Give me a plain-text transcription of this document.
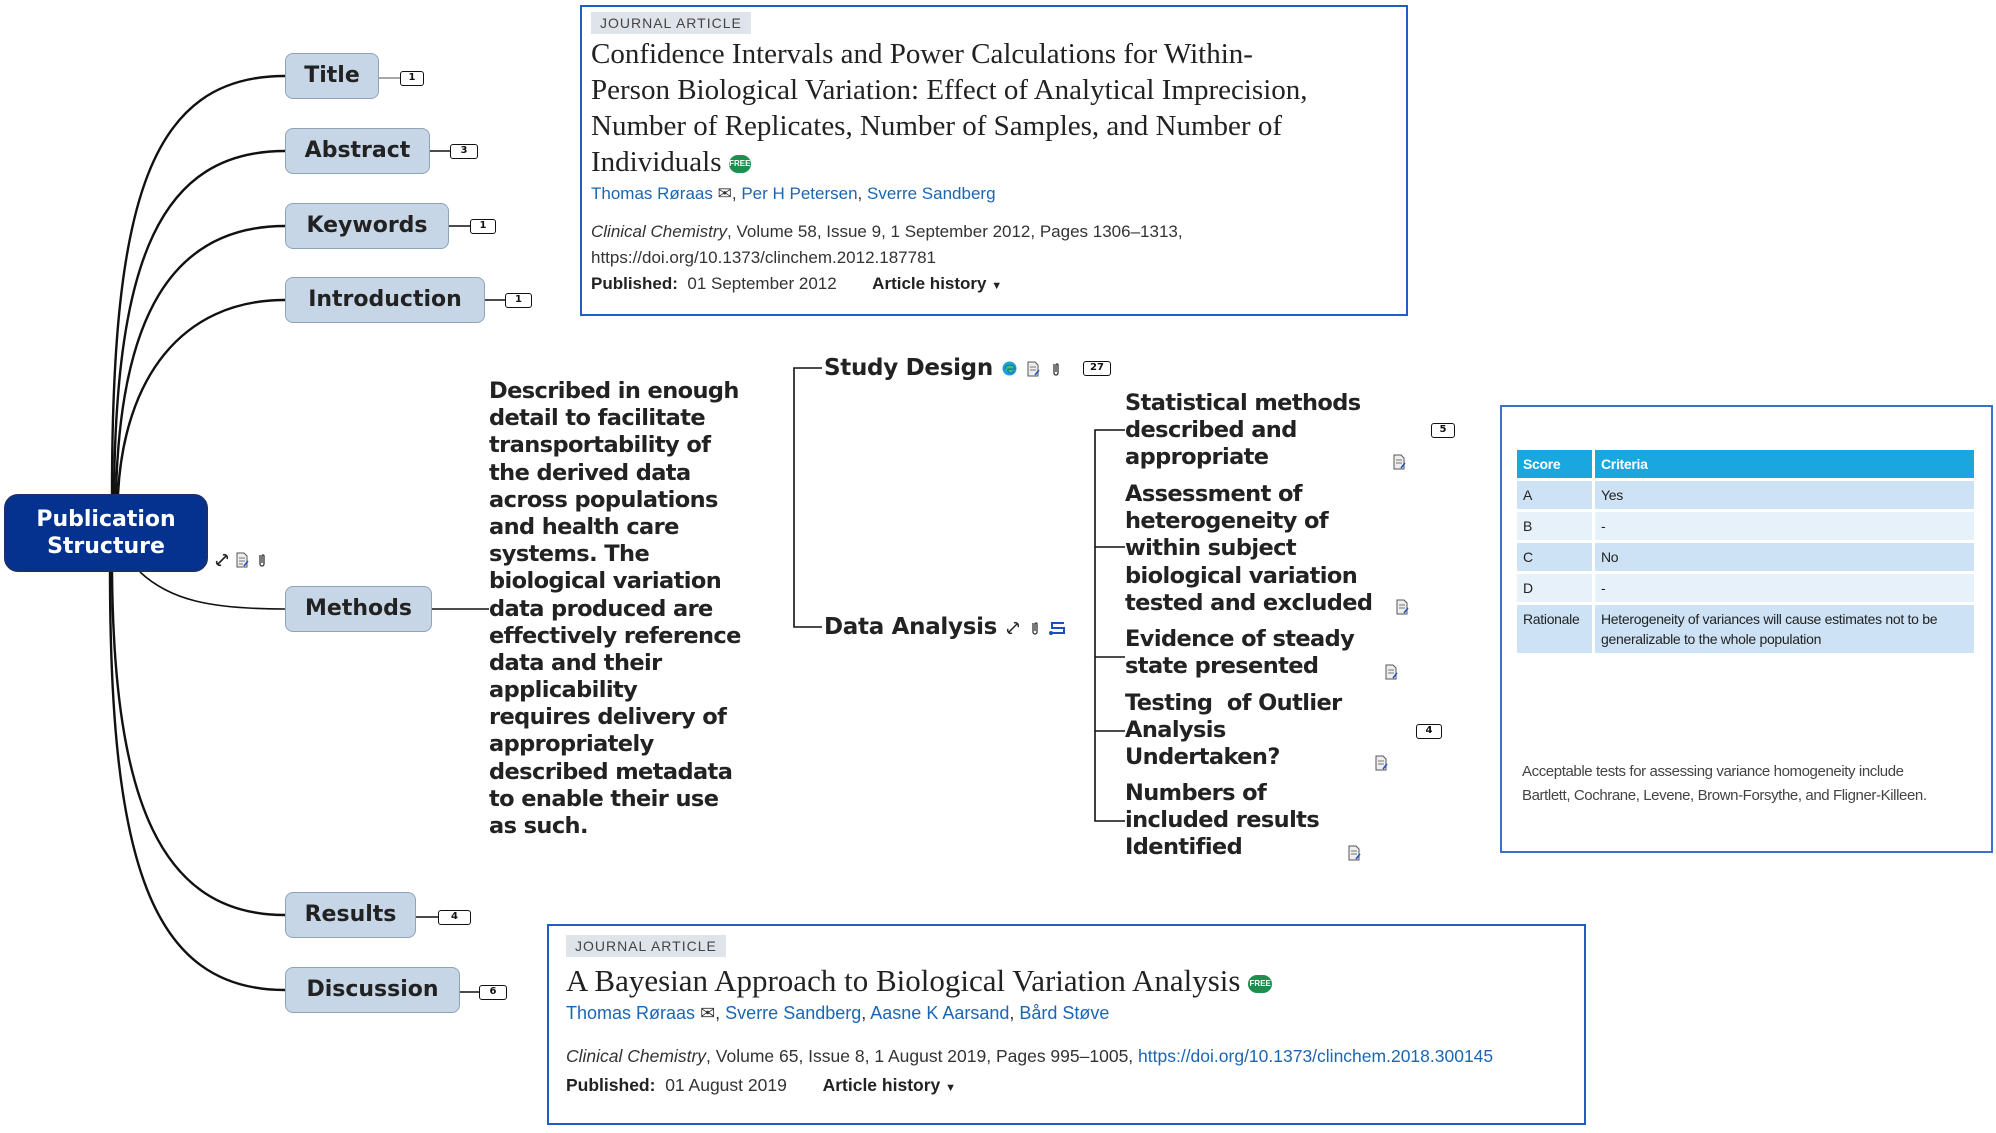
Publication
Structure

Title	1
Abstract	3
Keywords	1
Introduction	1
Methods
Results	4
Discussion	6
Described in enough
detail to facilitate
transportability of
the derived data
across populations
and health care
systems. The
biological variation
data produced are
effectively reference
data and their
applicability
requires delivery of
appropriately
described metadata
to enable their use
as such.
Study Design	27
Data Analysis
Statistical methods
described and
appropriate
5
Assessment of
heterogeneity of
within subject
biological variation
tested and excluded
Evidence of steady
state presented
Testing  of Outlier
Analysis
Undertaken?
4
Numbers of
included results
Identified
JOURNAL ARTICLE
Confidence Intervals and Power Calculations for Within-
Person Biological Variation: Effect of Analytical Imprecision,
Number of Replicates, Number of Samples, and Number of
Individuals FREE
Thomas Røraas ✉, Per H Petersen, Sverre Sandberg
Clinical Chemistry, Volume 58, Issue 9, 1 September 2012, Pages 1306–1313,
https://doi.org/10.1373/clinchem.2012.187781
Published: 01 September 2012 Article history ▼
Score	Criteria
A	Yes
B	-
C	No
D	-
Rationale	Heterogeneity of variances will cause estimates not to be generalizable to the whole population
Acceptable tests for assessing variance homogeneity include Bartlett, Cochrane, Levene, Brown-Forsythe, and Fligner-Killeen.
JOURNAL ARTICLE
A Bayesian Approach to Biological Variation Analysis FREE
Thomas Røraas ✉, Sverre Sandberg, Aasne K Aarsand, Bård Støve
Clinical Chemistry, Volume 65, Issue 8, 1 August 2019, Pages 995–1005, https://doi.org/10.1373/clinchem.2018.300145
Published: 01 August 2019 Article history ▼
